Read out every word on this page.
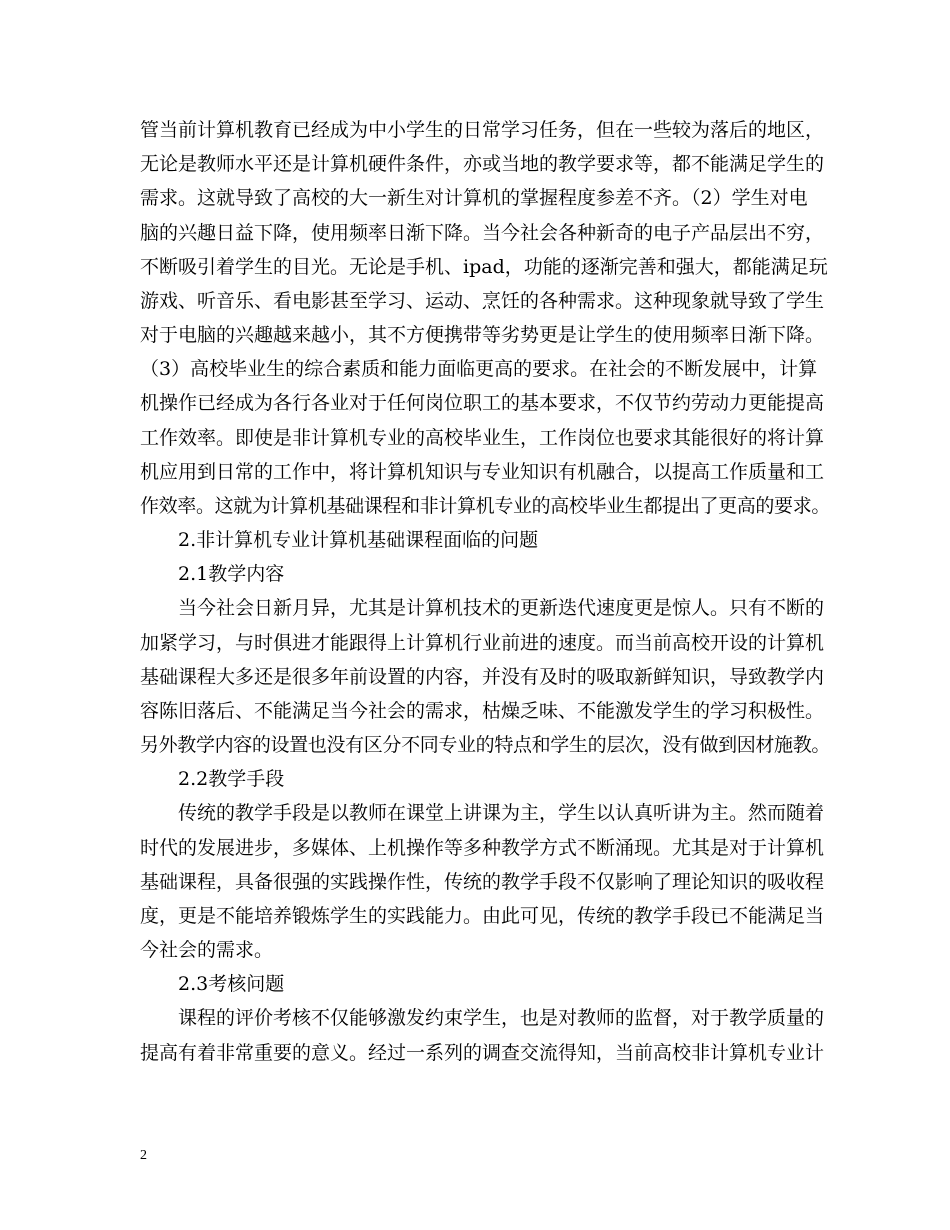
管当前计算机教育已经成为中小学生的日常学习任务，但在一些较为落后的地区，
无论是教师水平还是计算机硬件条件，亦或当地的教学要求等，都不能满足学生的
需求。这就导致了高校的大一新生对计算机的掌握程度参差不齐。（2）学生对电
脑的兴趣日益下降，使用频率日渐下降。当今社会各种新奇的电子产品层出不穷，
不断吸引着学生的目光。无论是手机、ipad，功能的逐渐完善和强大，都能满足玩
游戏、听音乐、看电影甚至学习、运动、烹饪的各种需求。这种现象就导致了学生
对于电脑的兴趣越来越小，其不方便携带等劣势更是让学生的使用频率日渐下降。
（3）高校毕业生的综合素质和能力面临更高的要求。在社会的不断发展中，计算
机操作已经成为各行各业对于任何岗位职工的基本要求，不仅节约劳动力更能提高
工作效率。即使是非计算机专业的高校毕业生，工作岗位也要求其能很好的将计算
机应用到日常的工作中，将计算机知识与专业知识有机融合，以提高工作质量和工
作效率。这就为计算机基础课程和非计算机专业的高校毕业生都提出了更高的要求。
2.非计算机专业计算机基础课程面临的问题
2.1教学内容
当今社会日新月异，尤其是计算机技术的更新迭代速度更是惊人。只有不断的
加紧学习，与时俱进才能跟得上计算机行业前进的速度。而当前高校开设的计算机
基础课程大多还是很多年前设置的内容，并没有及时的吸取新鲜知识，导致教学内
容陈旧落后、不能满足当今社会的需求，枯燥乏味、不能激发学生的学习积极性。
另外教学内容的设置也没有区分不同专业的特点和学生的层次，没有做到因材施教。
2.2教学手段
传统的教学手段是以教师在课堂上讲课为主，学生以认真听讲为主。然而随着
时代的发展进步，多媒体、上机操作等多种教学方式不断涌现。尤其是对于计算机
基础课程，具备很强的实践操作性，传统的教学手段不仅影响了理论知识的吸收程
度，更是不能培养锻炼学生的实践能力。由此可见，传统的教学手段已不能满足当
今社会的需求。
2.3考核问题
课程的评价考核不仅能够激发约束学生，也是对教师的监督，对于教学质量的
提高有着非常重要的意义。经过一系列的调查交流得知，当前高校非计算机专业计
2
